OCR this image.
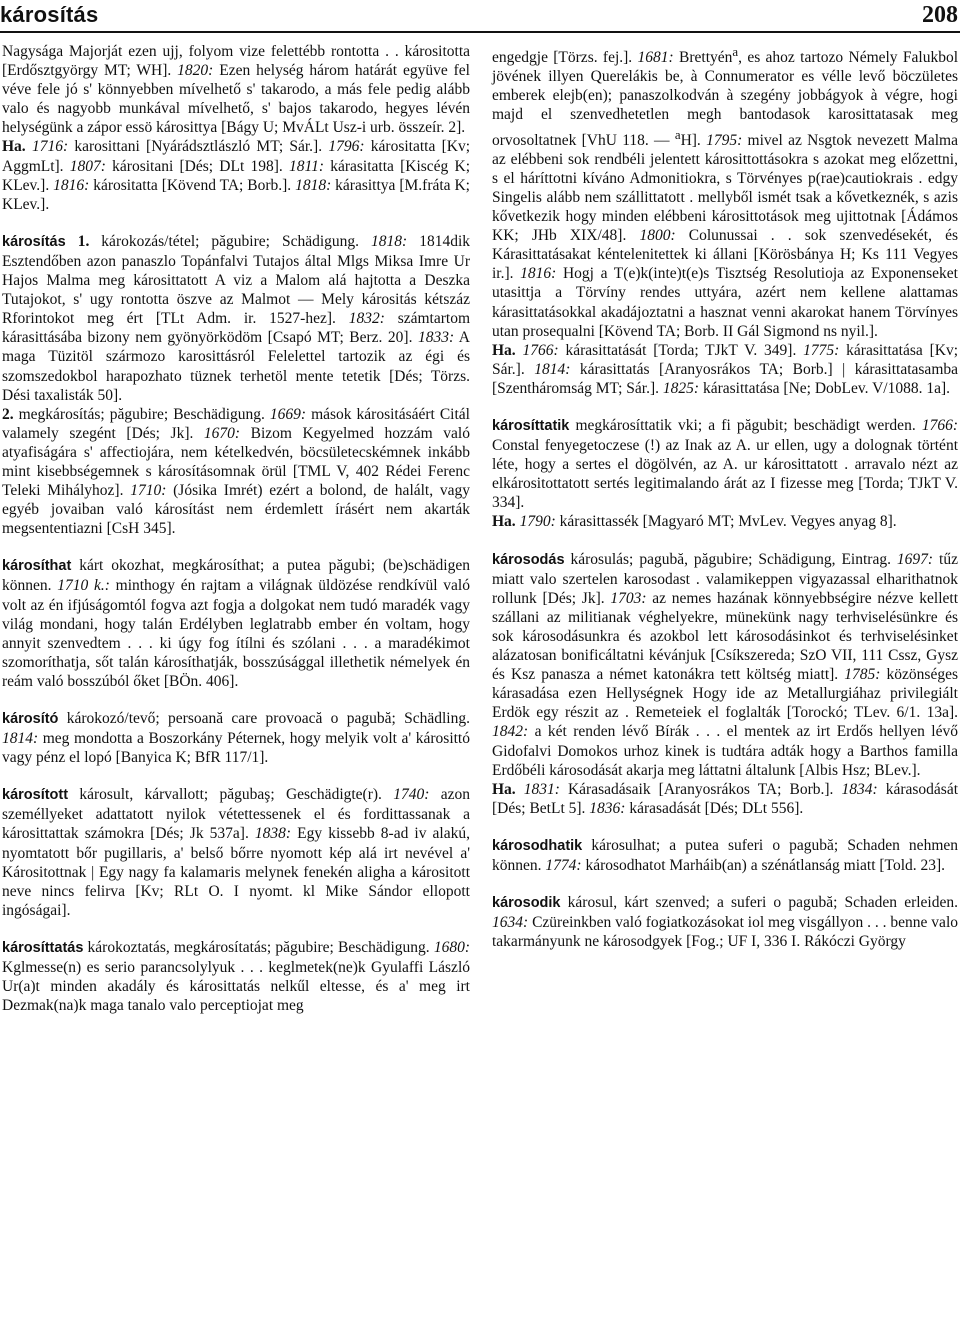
károsítás	208

Nagysága Majorját ezen ujj, folyom vize felettébb rontotta . . kárositotta [Erdősztgyörgy MT; WH]. 1820: Ezen helység három határát együve fel véve fele jó s' könnyebben mívelhető s' takarodo, a más fele pedig alább valo és nagyobb munkával mívelhető, s' bajos takarodo, hegyes lévén helységünk a zápor essö károsittya [Bágy U; MvÁLt Usz-i urb. összeír. 2].

Ha. 1716: karosittani [Nyárádsztlászló MT; Sár.]. 1796: kárositatta [Kv; AggmLt]. 1807: kárositani [Dés; DLt 198]. 1811: kárasitatta [Kiscég K; KLev.]. 1816: kárositatta [Kövend TA; Borb.]. 1818: kárasittya [M.fráta K; KLev.].

károsítás 1. károkozás/tétel; păgubire; Schädigung. 1818: 1814dik Esztendőben azon panaszlo Topánfalvi Tutajos által Mlgs Miksa Imre Ur Hajos Malma meg károsittatott A viz a Malom alá hajtotta a Deszka Tutajokot, s' ugy rontotta öszve az Malmot — Mely kárositás kétszáz Rforintokot meg ért [TLt Adm. ir. 1527-hez]. 1832: számtartom kárasittásába bizony nem gyönyörködöm [Csapó MT; Berz. 20]. 1833: A maga Tüzitöl szármozo karosittásról Felelettel tartozik az égi és szomszedokbol harapozhato tüznek terhetöl mente tetetik [Dés; Törzs. Dési taxalisták 50].

2. megkárosítás; păgubire; Beschädigung. 1669: mások kárositásáért Citál valamely szegént [Dés; Jk]. 1670: Bizom Kegyelmed hozzám való atyafiságára s' affectiojára, nem kételkedvén, böcsületecskémnek inkább mint kisebbségemnek s károsításomnak örül [TML V, 402 Rédei Ferenc Teleki Mihályhoz]. 1710: (Jósika Imrét) ezért a bolond, de halált, vagy egyéb jovaiban való károsítást nem érdemlett írásért nem akarták megsententiazni [CsH 345].

károsíthat kárt okozhat, megkárosíthat; a putea păgubi; (be)schädigen können. 1710 k.: minthogy én rajtam a világnak üldözése rendkívül való volt az én ifjúságomtól fogva azt fogja a dolgokat nem tudó maradék vagy világ mondani, hogy talán Erdélyben leglatrabb ember én voltam, hogy annyit szenvedtem . . . ki úgy fog ítílni és szólani . . . a maradékimot szomoríthatja, sőt talán károsíthatják, bosszúsággal illethetik némelyek én reám való bosszúból őket [BÖn. 406].

károsító károkozó/tevő; persoană care provoacă o pagubă; Schädling. 1814: meg mondotta a Boszorkány Péternek, hogy melyik volt a' károsittó vagy pénz el lopó [Banyica K; BfR 117/1].

károsított károsult, kárvallott; păgubaş; Geschädigte(r). 1740: azon személlyeket adattatott nyilok vétettessenek el és fordittassanak a károsittattak számokra [Dés; Jk 537a]. 1838: Egy kissebb 8-ad iv alakú, nyomtatott bőr pugillaris, a' belső bőrre nyomott kép alá irt nevével a' Kárositottnak | Egy nagy fa kalamaris melynek fenekén aligha a kárositott neve nincs felirva [Kv; RLt O. I nyomt. kl Mike Sándor ellopott ingóságai].

károsíttatás károkoztatás, megkárosítatás; păgubire; Beschädigung. 1680: Kglmesse(n) es serio parancsolylyuk . . . keglmetek(ne)k Gyulaffi László Ur(a)t minden akadály és károsittatás nelkűl eltesse, és a' meg irt Dezmak(na)k maga tanalo valo perceptiojat meg

engedgje [Törzs. fej.]. 1681: Brettyén$^a$, es ahoz tartozo Némely Falukbol jövének illyen Querelákis be, à Connumerator es vélle levő böczületes emberek elejb(en); panaszolkodván à szegény jobbágyok à végre, hogi majd el szenvedhetetlen megh bantodasok karosittatasak meg orvosoltatnek [VhU 118. — $^a$H]. 1795: mivel az Nsgtok nevezett Malma az elébbeni sok rendbéli jelentett károsittottásokra s azokat meg előzettni, s el háríttotni kíváno Admonitiokra, s Törvényes p(rae)cautiokrais . edgy Singelis alább nem szállittatott . mellyből ismét tsak a kővetkeznék, s azis kővetkezik hogy minden elébbeni károsittotások meg ujittotnak [Ádámos KK; JHb XIX/48]. 1800: Colunussai . . sok szenvedésekét, és Kárasittatásakat kéntelenitettek ki állani [Körösbánya H; Ks 111 Vegyes ir.]. 1816: Hogj a T(e)k(inte)t(e)s Tisztség Resolutioja az Exponenseket utasittja a Törvíny rendes uttyára, azért nem kellene alattamas kárasittatásokkal akadájoztatni a hasznat venni akarokat hanem Törvínyes utan prosequalni [Kövend TA; Borb. II Gál Sigmond ns nyil.].

Ha. 1766: kárasittatását [Torda; TJkT V. 349]. 1775: kárasittatása [Kv; Sár.]. 1814: kárasittatás [Aranyosrákos TA; Borb.] | kárasittatasamba [Szentháromság MT; Sár.]. 1825: kárasittatása [Ne; DobLev. V/1088. 1a].

károsíttatik megkárosíttatik vki; a fi păgubit; beschädigt werden. 1766: Constal fenyegetoczese (!) az Inak az A. ur ellen, ugy a dolognak történt léte, hogy a sertes el dögölvén, az A. ur károsittatott . arravalo nézt az elkárositottatott sertés legitimalando árát az I fizesse meg [Torda; TJkT V. 334].

Ha. 1790: kárasittassék [Magyaró MT; MvLev. Vegyes anyag 8].

károsodás károsulás; pagubă, păgubire; Schädigung, Eintrag. 1697: tűz miatt valo szertelen karosodast . valamikeppen vigyazassal elharithatnok rollunk [Dés; Jk]. 1703: az nemes hazának könnyebbségire nézve kellett szállani az militianak véghelyekre, münekünk nagy terhviselésünkre és sok károsodásunkra és azokbol lett károsodásinkot és terhviselésinket alázatosan bonificáltatni kévánjuk [Csíkszereda; SzO VII, 111 Cssz, Gysz és Ksz panasza a német katonákra tett költség miatt]. 1785: közönséges kárasadása ezen Hellységnek Hogy ide az Metallurgiáhaz privilegiált Erdök egy részit az . Remeteiek el foglalták [Torockó; TLev. 6/1. 13a]. 1842: a két renden lévő Bírák . . . el mentek az irt Erdős hellyen lévő Gidofalvi Domokos urhoz kinek is tudtára adták hogy a Barthos familla Erdőbéli károsodását akarja meg láttatni általunk [Albis Hsz; BLev.].

Ha. 1831: Kárasadásaik [Aranyosrákos TA; Borb.]. 1834: kárasodását [Dés; BetLt 5]. 1836: kárasadását [Dés; DLt 556].

károsodhatik károsulhat; a putea suferi o pagubă; Schaden nehmen können. 1774: károsodhatot Marháib(an) a szénátlanság miatt [Told. 23].

károsodik károsul, kárt szenved; a suferi o pagubă; Schaden erleiden. 1634: Czüreinkben való fogiatkozásokat iol meg visgállyon . . . benne valo takarmányunk ne károsodgyek [Fog.; UF I, 336 I. Rákóczi György
